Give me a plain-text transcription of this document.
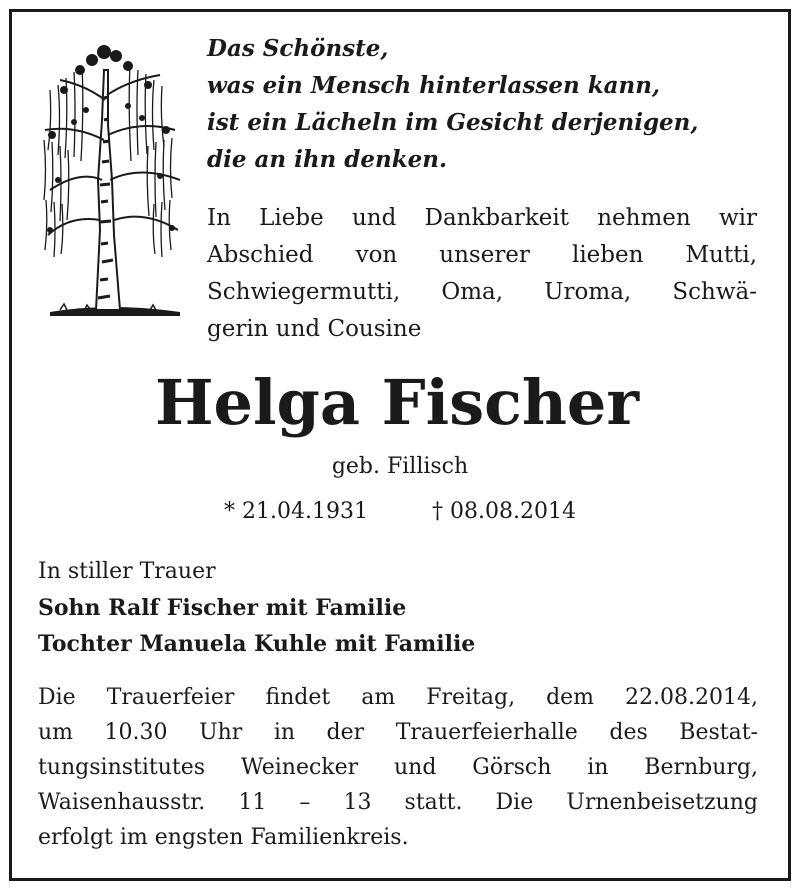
Das Schönste,
was ein Mensch hinterlassen kann,
ist ein Lächeln im Gesicht derjenigen,
die an ihn denken.

In Liebe und Dankbarkeit nehmen wir
Abschied von unserer lieben Mutti,
Schwiegermutti, Oma, Uroma, Schwä-
gerin und Cousine

Helga Fischer
geb. Fillisch
* 21.04.1931	† 08.08.2014
In stiller Trauer
Sohn Ralf Fischer mit Familie
Tochter Manuela Kuhle mit Familie

Die Trauerfeier findet am Freitag, dem 22.08.2014,
um 10.30 Uhr in der Trauerfeierhalle des Bestat-
tungsinstitutes Weinecker und Görsch in Bernburg,
Waisenhausstr. 11 – 13 statt. Die Urnenbeisetzung
erfolgt im engsten Familienkreis.
